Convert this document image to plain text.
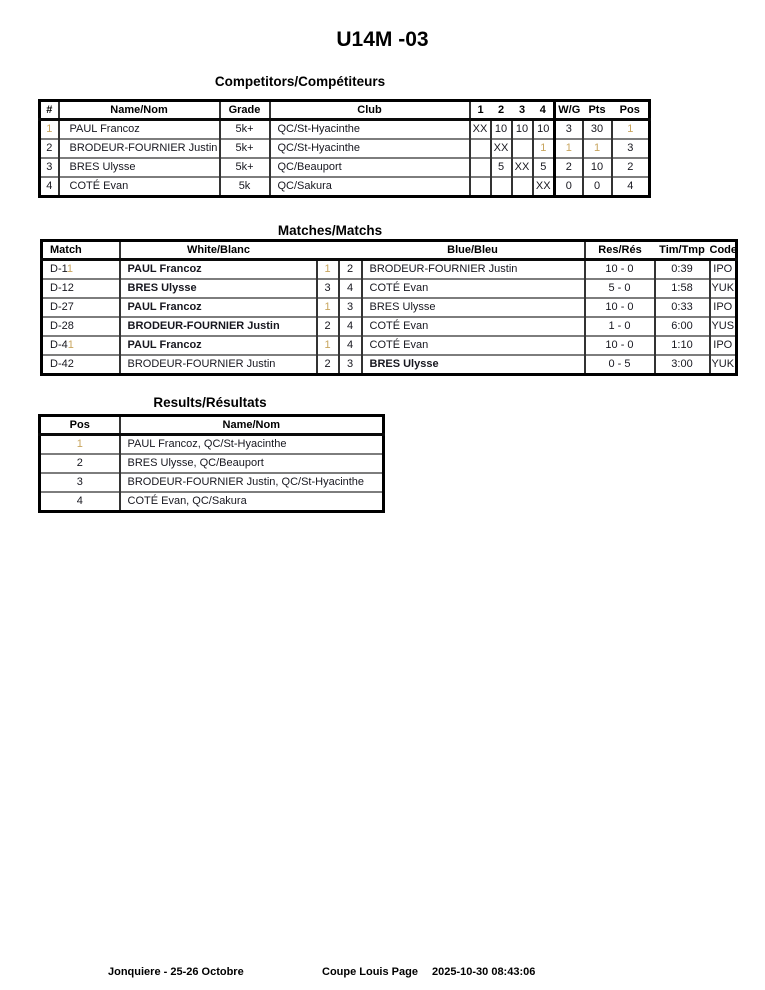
U14M -03
Competitors/Compétiteurs
#	Name/Nom	Grade	Club	1	2	3	4	W/G	Pts	Pos
1	PAUL Francoz	5k+	QC/St-Hyacinthe	XX	10	10	10	3	30	1
2	BRODEUR-FOURNIER Justin	5k+	QC/St-Hyacinthe		XX		1	1	1	3
3	BRES Ulysse	5k+	QC/Beauport		5	XX	5	2	10	2
4	COTÉ Evan	5k	QC/Sakura				XX	0	0	4
Matches/Matchs
Match	White/Blanc			Blue/Bleu	Res/Rés	Tim/Tmp	Code
D-11	PAUL Francoz	1	2	BRODEUR-FOURNIER Justin	10 - 0	0:39	IPO
D-12	BRES Ulysse	3	4	COTÉ Evan	5 - 0	1:58	YUK
D-27	PAUL Francoz	1	3	BRES Ulysse	10 - 0	0:33	IPO
D-28	BRODEUR-FOURNIER Justin	2	4	COTÉ Evan	1 - 0	6:00	YUS
D-41	PAUL Francoz	1	4	COTÉ Evan	10 - 0	1:10	IPO
D-42	BRODEUR-FOURNIER Justin	2	3	BRES Ulysse	0 - 5	3:00	YUK
Results/Résultats
Pos	Name/Nom
1	PAUL Francoz, QC/St-Hyacinthe
2	BRES Ulysse, QC/Beauport
3	BRODEUR-FOURNIER Justin, QC/St-Hyacinthe
4	COTÉ Evan, QC/Sakura
Jonquiere - 25-26 Octobre	Coupe Louis Page 2025-10-30 08:43:06
